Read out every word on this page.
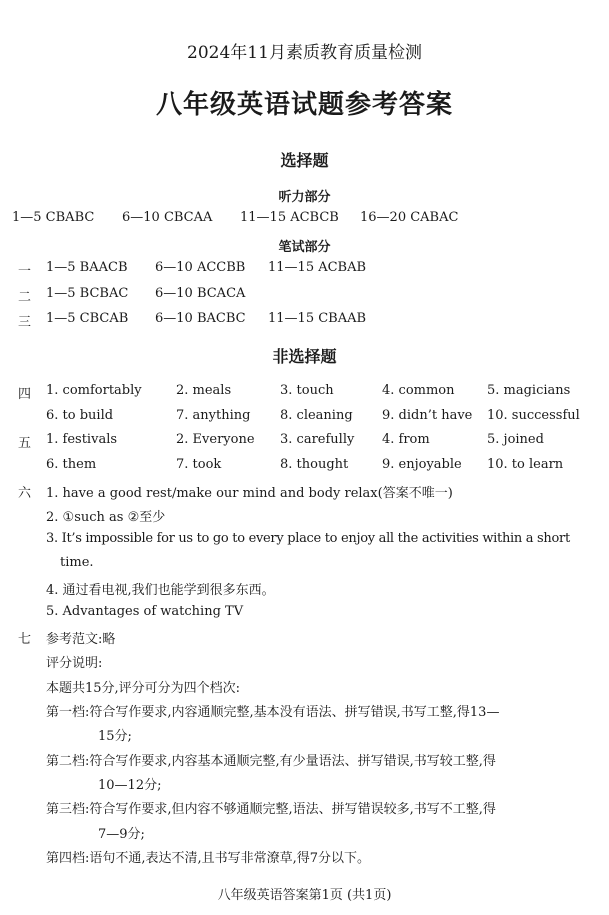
2024年11月素质教育质量检测
八年级英语试题参考答案
选择题
听力部分
1—5 CBABC 6—10 CBCAA 11—15 ACBCB 16—20 CABAC
笔试部分
一 1—5 BAACB 6—10 ACCBB 11—15 ACBAB
二 1—5 BCBAC 6—10 BCACA
三 1—5 CBCAB 6—10 BACBC 11—15 CBAAB
非选择题
四 1. comfortably	2. meals	3. touch	4. common	5. magicians
6. to build	7. anything 8. cleaning 9. didn’t have 10. successful
五 1. festivals	2. Everyone 3. carefully 4. from	5. joined
6. them	7. took	8. thought	9. enjoyable 10. to learn
六 1. have a good rest/make our mind and body relax(答案不唯一)
2. ①such as ②至少
3. It’s impossible for us to go to every place to enjoy all the activities within a short
time.
4. 通过看电视,我们也能学到很多东西。
5. Advantages of watching TV
七 参考范文:略
评分说明:
本题共15分,评分可分为四个档次:
第一档:符合写作要求,内容通顺完整,基本没有语法、拼写错误,书写工整,得13—
15分;
第二档:符合写作要求,内容基本通顺完整,有少量语法、拼写错误,书写较工整,得
10—12分;
第三档:符合写作要求,但内容不够通顺完整,语法、拼写错误较多,书写不工整,得
7—9分;
第四档:语句不通,表达不清,且书写非常潦草,得7分以下。
八年级英语答案第1页 (共1页)
